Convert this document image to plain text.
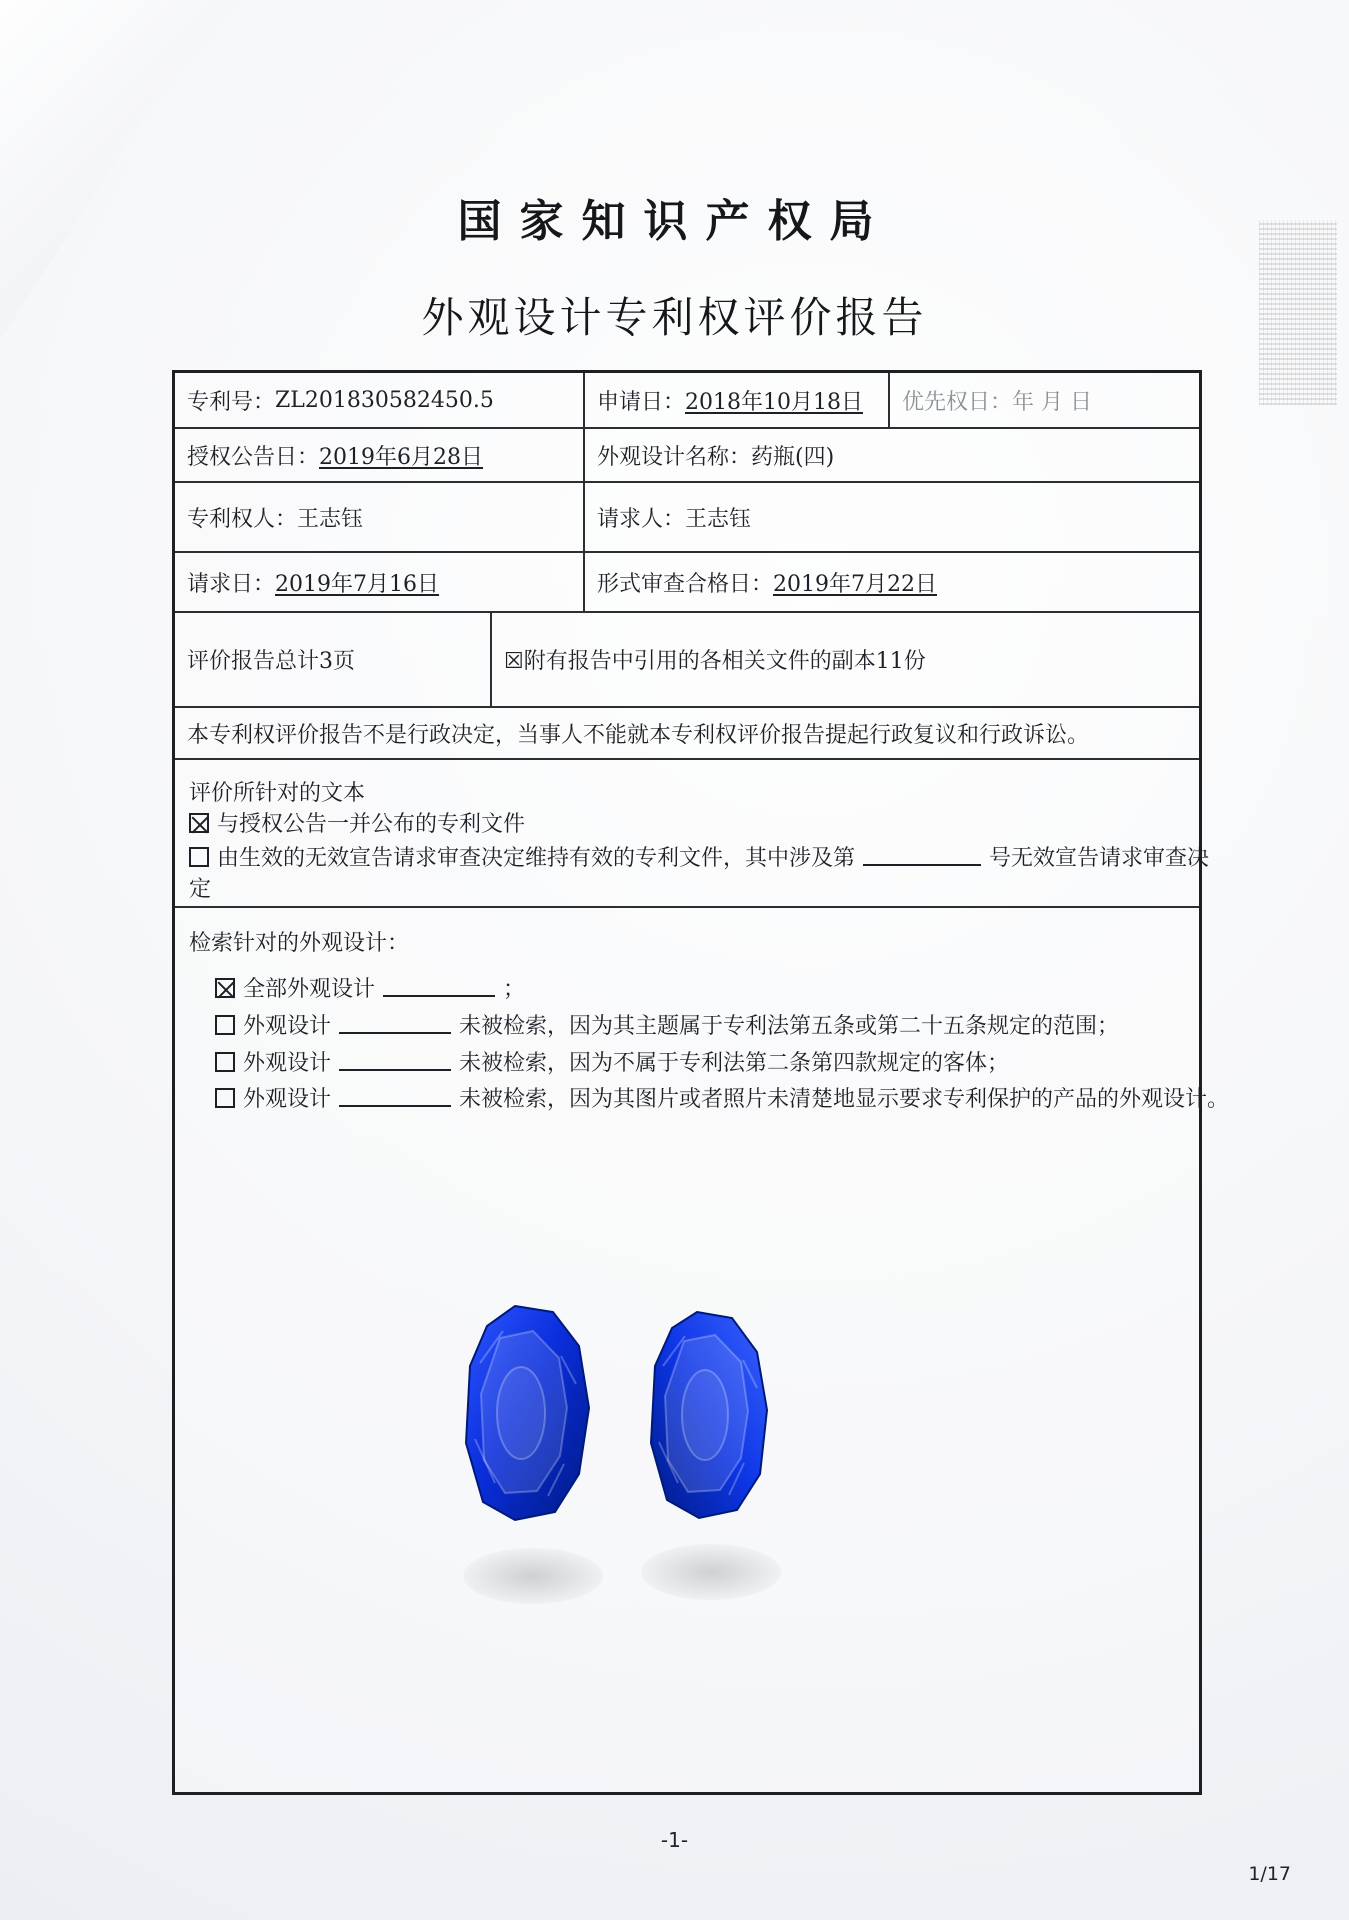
国家知识产权局
外观设计专利权评价报告
专利号： ZL201830582450.5	申请日： 2018年10月18日 优先权日： 年 月 日
授权公告日： 2019年6月28日	外观设计名称： 药瓶(四)
专利权人： 王志钰	请求人： 王志钰
请求日： 2019年7月16日	形式审查合格日： 2019年7月22日
评价报告总计3页	☒附有报告中引用的各相关文件的副本11份
本专利权评价报告不是行政决定，当事人不能就本专利权评价报告提起行政复议和行政诉讼。
评价所针对的文本
与授权公告一并公布的专利文件
由生效的无效宣告请求审查决定维持有效的专利文件，其中涉及第	号无效宣告请求审查决
定
检索针对的外观设计：
全部外观设计	；
外观设计	未被检索，因为其主题属于专利法第五条或第二十五条规定的范围；
外观设计	未被检索，因为不属于专利法第二条第四款规定的客体；
外观设计	未被检索，因为其图片或者照片未清楚地显示要求专利保护的产品的外观设计。
-1-
1/17
